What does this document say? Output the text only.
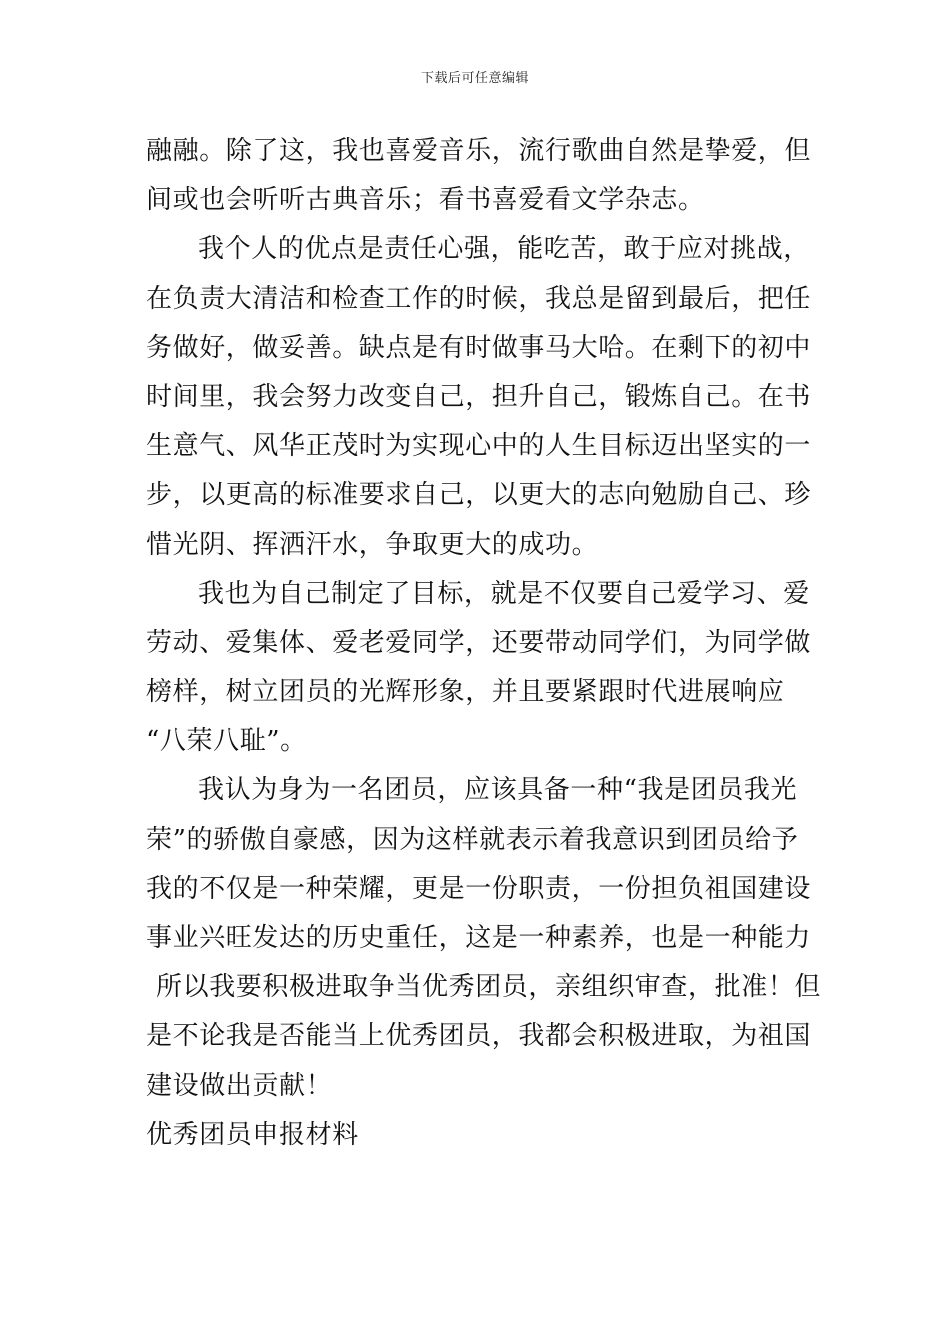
下载后可任意编辑
融融。除了这，我也喜爱音乐，流行歌曲自然是挚爱，但
间或也会听听古典音乐；看书喜爱看文学杂志。
我个人的优点是责任心强，能吃苦，敢于应对挑战，
在负责大清洁和检查工作的时候，我总是留到最后，把任
务做好，做妥善。缺点是有时做事马大哈。在剩下的初中
时间里，我会努力改变自己，担升自己，锻炼自己。在书
生意气、风华正茂时为实现心中的人生目标迈出坚实的一
步，以更高的标准要求自己，以更大的志向勉励自己、珍
惜光阴、挥洒汗水，争取更大的成功。
我也为自己制定了目标，就是不仅要自己爱学习、爱
劳动、爱集体、爱老爱同学，还要带动同学们，为同学做
榜样，树立团员的光辉形象，并且要紧跟时代进展响应
“八荣八耻”。
我认为身为一名团员，应该具备一种“我是团员我光
荣”的骄傲自豪感，因为这样就表示着我意识到团员给予
我的不仅是一种荣耀，更是一份职责，一份担负祖国建设
事业兴旺发达的历史重任，这是一种素养，也是一种能力
所以我要积极进取争当优秀团员，亲组织审查，批准！但
是不论我是否能当上优秀团员，我都会积极进取，为祖国
建设做出贡献！
优秀团员申报材料
